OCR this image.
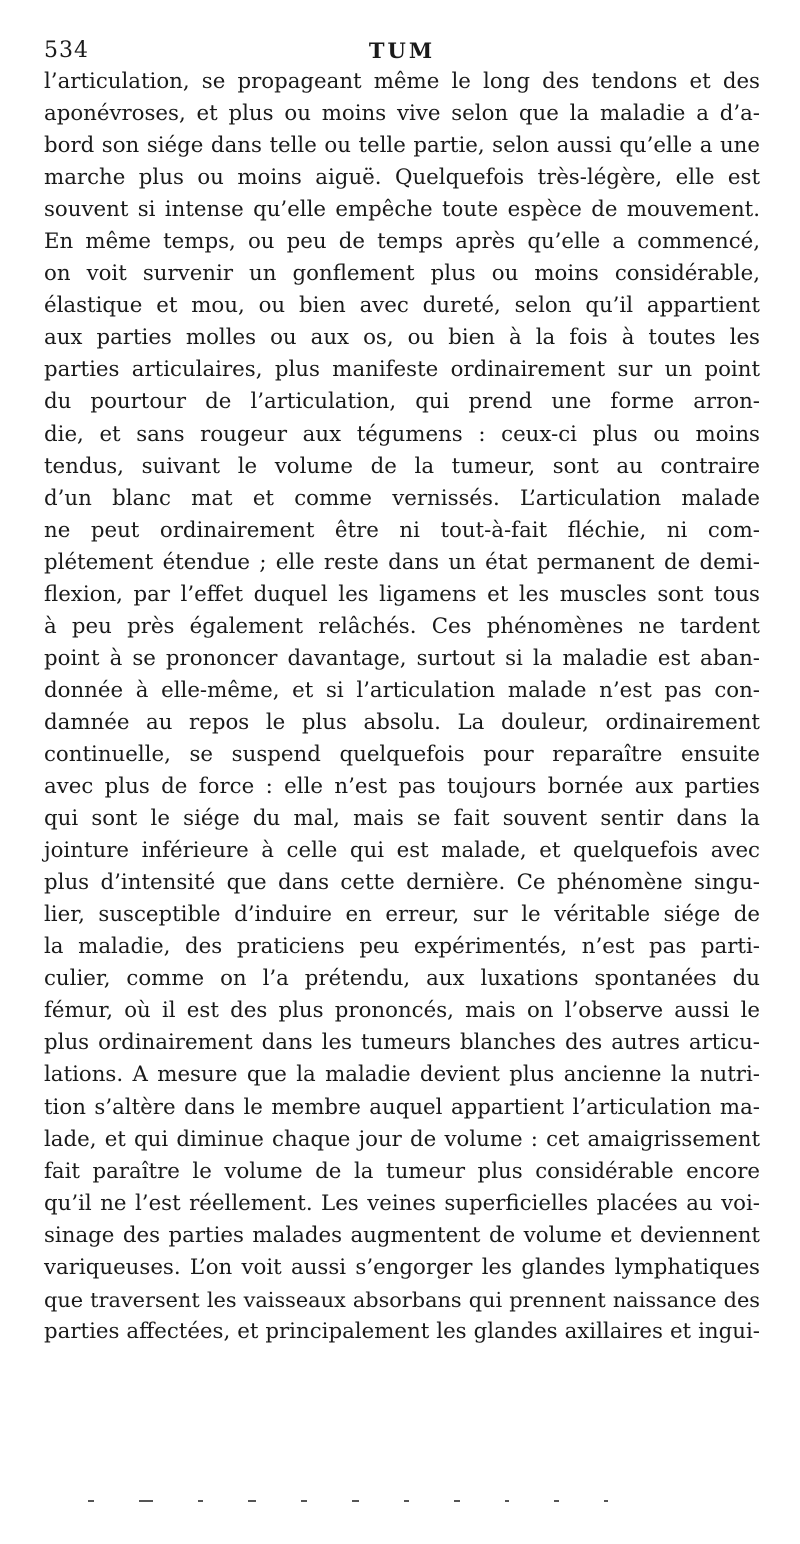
534	TUM
l’articulation, se propageant même le long des tendons et des
aponévroses, et plus ou moins vive selon que la maladie a d’a-
bord son siége dans telle ou telle partie, selon aussi qu’elle a une
marche plus ou moins aiguë. Quelquefois très-légère, elle est
souvent si intense qu’elle empêche toute espèce de mouvement.
En même temps, ou peu de temps après qu’elle a commencé,
on voit survenir un gonflement plus ou moins considérable,
élastique et mou, ou bien avec dureté, selon qu’il appartient
aux parties molles ou aux os, ou bien à la fois à toutes les
parties articulaires, plus manifeste ordinairement sur un point
du pourtour de l’articulation, qui prend une forme arron-
die, et sans rougeur aux tégumens : ceux-ci plus ou moins
tendus, suivant le volume de la tumeur, sont au contraire
d’un blanc mat et comme vernissés. L’articulation malade
ne peut ordinairement être ni tout-à-fait fléchie, ni com-
plétement étendue ; elle reste dans un état permanent de demi-
flexion, par l’effet duquel les ligamens et les muscles sont tous
à peu près également relâchés. Ces phénomènes ne tardent
point à se prononcer davantage, surtout si la maladie est aban-
donnée à elle-même, et si l’articulation malade n’est pas con-
damnée au repos le plus absolu. La douleur, ordinairement
continuelle, se suspend quelquefois pour reparaître ensuite
avec plus de force : elle n’est pas toujours bornée aux parties
qui sont le siége du mal, mais se fait souvent sentir dans la
jointure inférieure à celle qui est malade, et quelquefois avec
plus d’intensité que dans cette dernière. Ce phénomène singu-
lier, susceptible d’induire en erreur, sur le véritable siége de
la maladie, des praticiens peu expérimentés, n’est pas parti-
culier, comme on l’a prétendu, aux luxations spontanées du
fémur, où il est des plus prononcés, mais on l’observe aussi le
plus ordinairement dans les tumeurs blanches des autres articu-
lations. A mesure que la maladie devient plus ancienne la nutri-
tion s’altère dans le membre auquel appartient l’articulation ma-
lade, et qui diminue chaque jour de volume : cet amaigrissement
fait paraître le volume de la tumeur plus considérable encore
qu’il ne l’est réellement. Les veines superficielles placées au voi-
sinage des parties malades augmentent de volume et deviennent
variqueuses. L’on voit aussi s’engorger les glandes lymphatiques
que traversent les vaisseaux absorbans qui prennent naissance des
parties affectées, et principalement les glandes axillaires et ingui-
